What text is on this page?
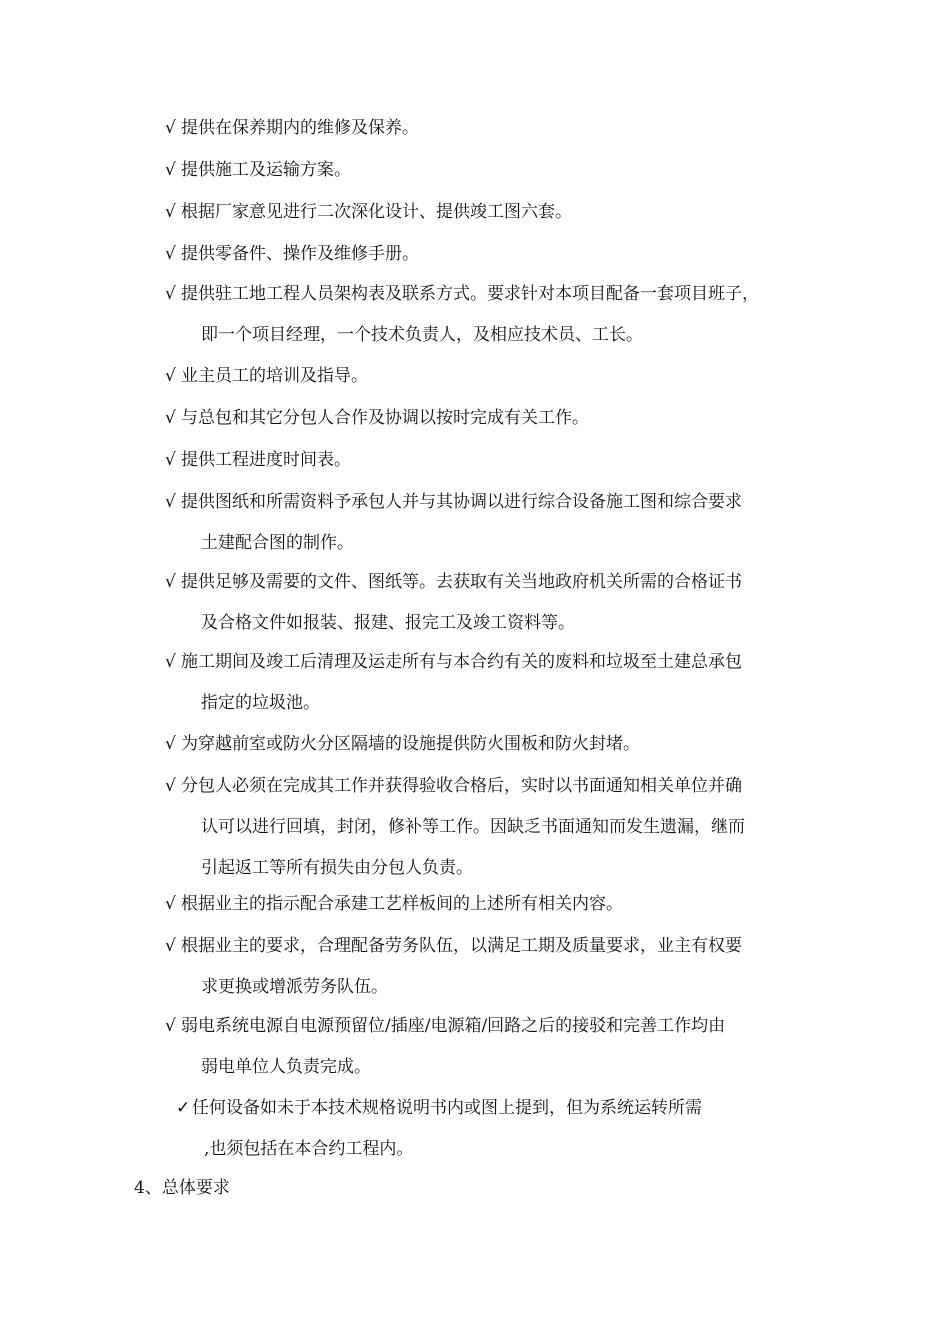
√ 提供在保养期内的维修及保养。
√ 提供施工及运输方案。
√ 根据厂家意见进行二次深化设计、提供竣工图六套。
√ 提供零备件、操作及维修手册。
√ 提供驻工地工程人员架构表及联系方式。要求针对本项目配备一套项目班子，
即一个项目经理，一个技术负责人，及相应技术员、工长。
√ 业主员工的培训及指导。
√ 与总包和其它分包人合作及协调以按时完成有关工作。
√ 提供工程进度时间表。
√ 提供图纸和所需资料予承包人并与其协调以进行综合设备施工图和综合要求
土建配合图的制作。
√ 提供足够及需要的文件、图纸等。去获取有关当地政府机关所需的合格证书
及合格文件如报装、报建、报完工及竣工资料等。
√ 施工期间及竣工后清理及运走所有与本合约有关的废料和垃圾至土建总承包
指定的垃圾池。
√ 为穿越前室或防火分区隔墙的设施提供防火围板和防火封堵。
√ 分包人必须在完成其工作并获得验收合格后，实时以书面通知相关单位并确
认可以进行回填，封闭，修补等工作。因缺乏书面通知而发生遗漏，继而
引起返工等所有损失由分包人负责。
√ 根据业主的指示配合承建工艺样板间的上述所有相关内容。
√ 根据业主的要求，合理配备劳务队伍，以满足工期及质量要求，业主有权要
求更换或增派劳务队伍。
√ 弱电系统电源自电源预留位/插座/电源箱/回路之后的接驳和完善工作均由
弱电单位人负责完成。
✓ 任何设备如未于本技术规格说明书内或图上提到，但为系统运转所需
,也须包括在本合约工程内。
4、总体要求
